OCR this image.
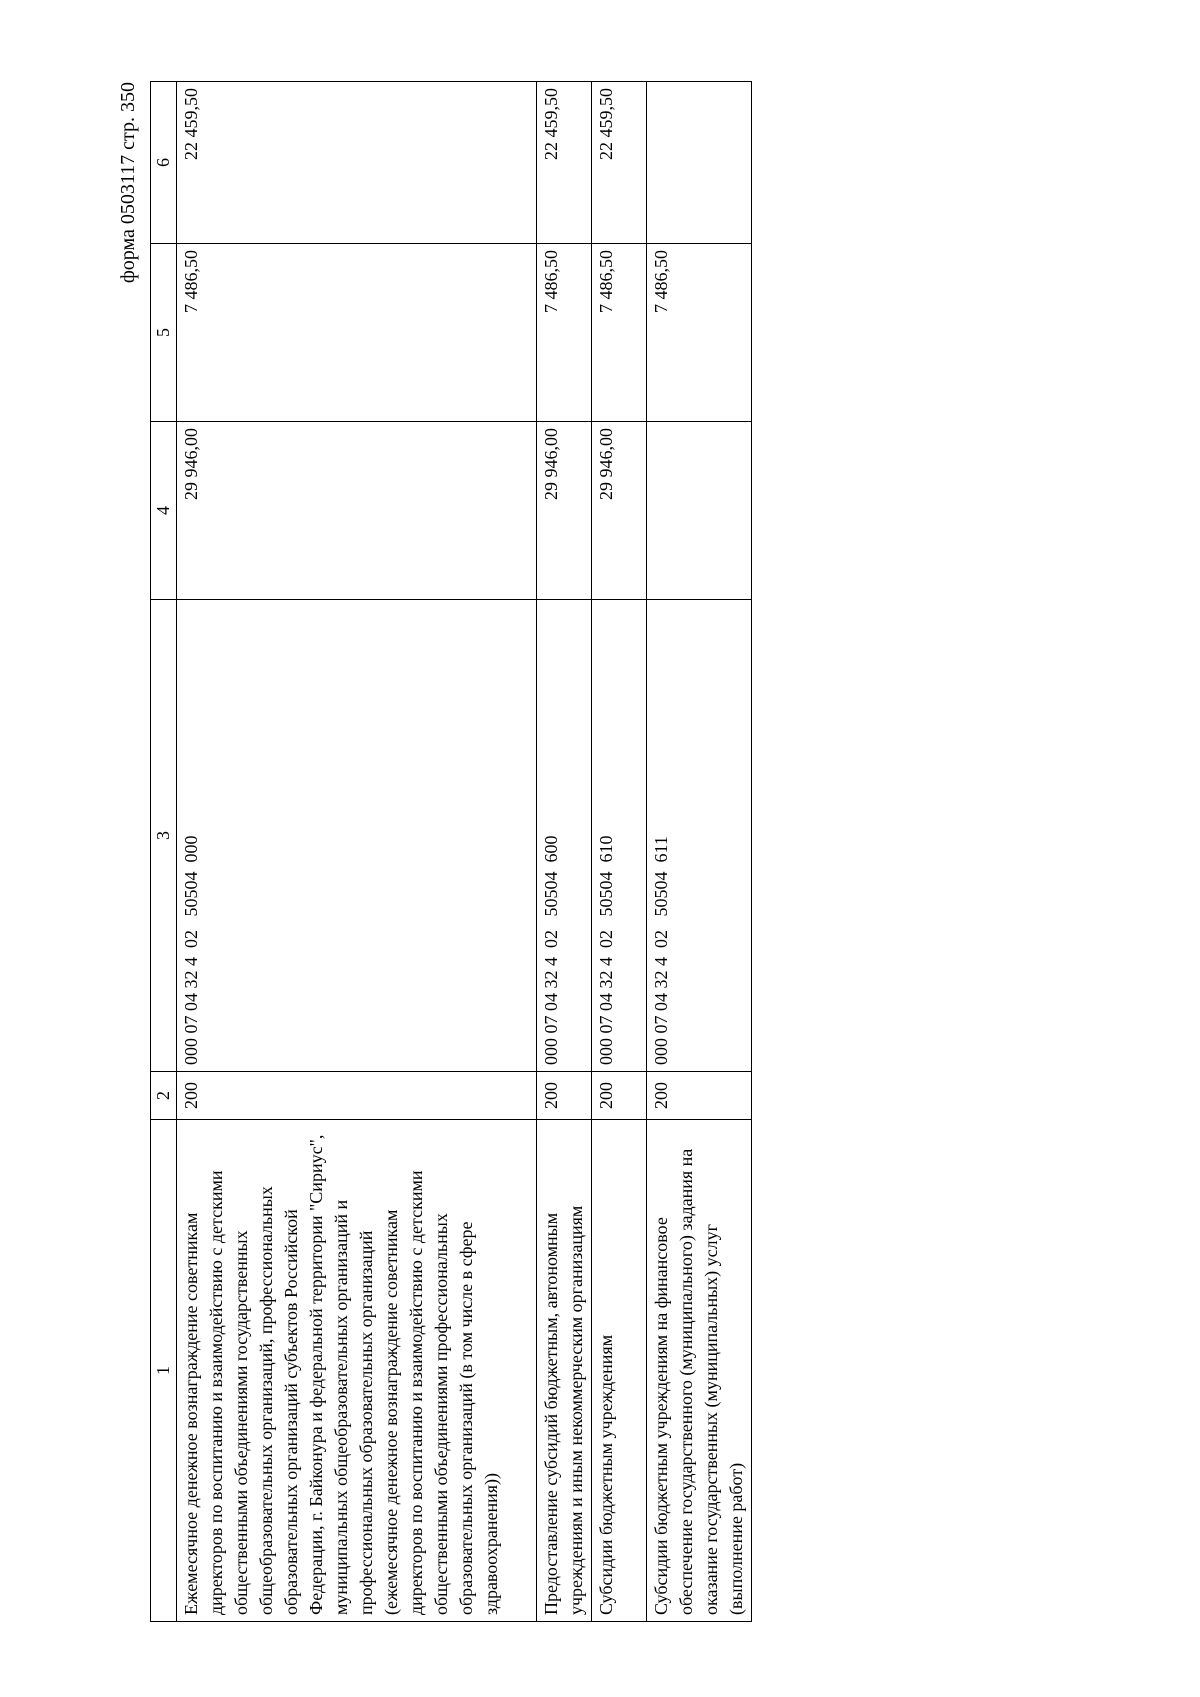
форма 0503117 стр. 350
1	2	3	4	5	6
Ежемесячное денежное вознаграждение советникам директоров по воспитанию и взаимодействию с детскими общественными объединениями государственных общеобразовательных организаций, профессиональных образовательных организаций субъектов Российской Федерации, г. Байконура и федеральной территории "Сириус", муниципальных общеобразовательных организаций и профессиональных образовательных организаций (ежемесячное денежное вознаграждение советникам директоров по воспитанию и взаимодействию с детскими общественными объединениями профессиональных образовательных организаций (в том числе в сфере здравоохранения))	200	000 07 04 32 4  02   50504  000	29 946,00	7 486,50	22 459,50
Предоставление субсидий бюджетным, автономным учреждениям и иным некоммерческим организациям	200	000 07 04 32 4  02   50504  600	29 946,00	7 486,50	22 459,50
Субсидии бюджетным учреждениям	200	000 07 04 32 4  02   50504  610	29 946,00	7 486,50	22 459,50
Субсидии бюджетным учреждениям на финансовое обеспечение государственного (муниципального) задания на оказание государственных (муниципальных) услуг (выполнение работ)	200	000 07 04 32 4  02   50504  611		7 486,50	
